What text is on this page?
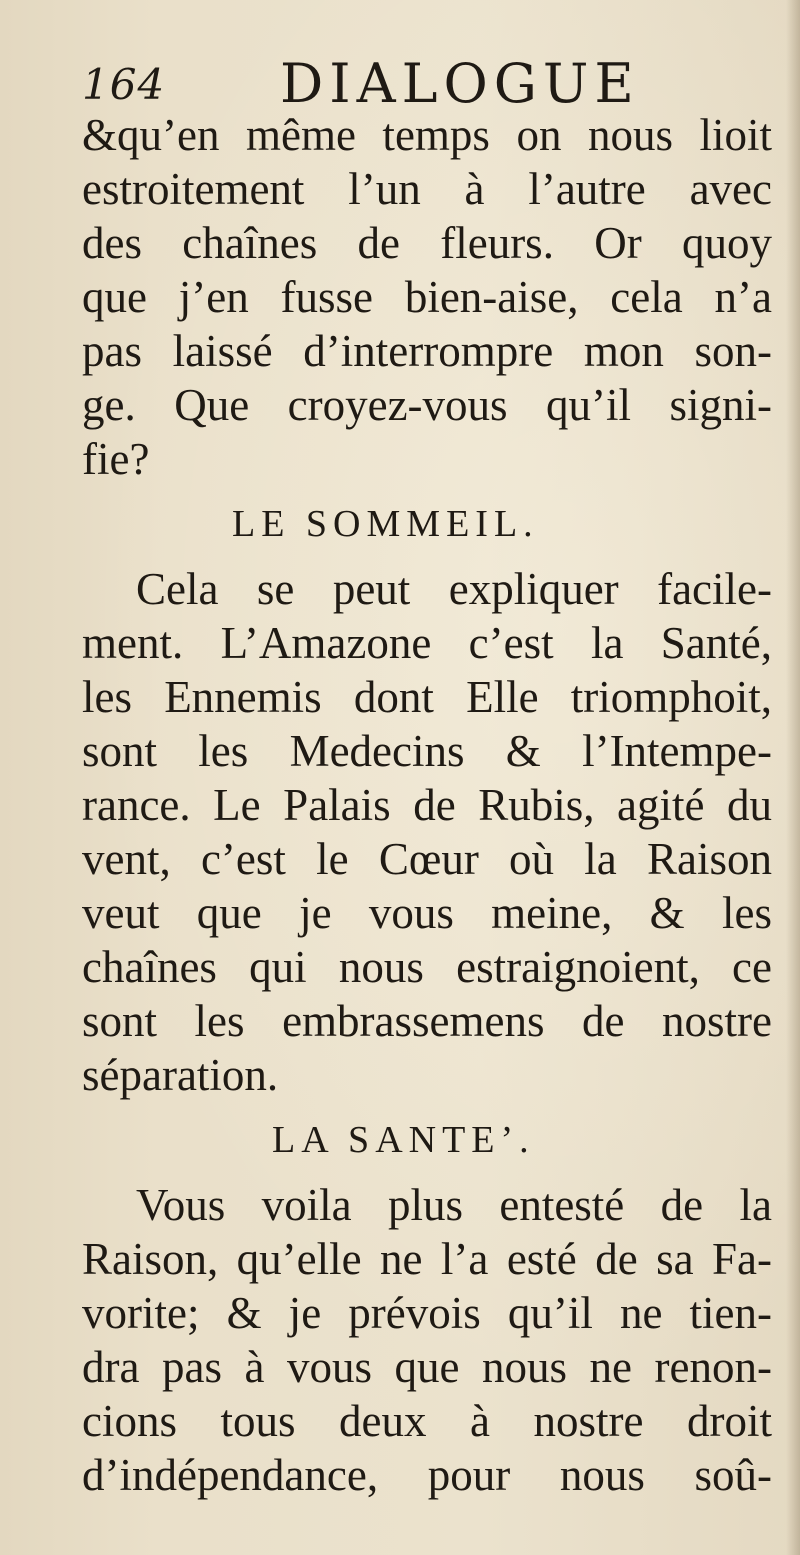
164 DIALOGUE
&qu’en même temps on nous lioit
estroitement l’un à l’autre avec
des chaînes de fleurs. Or quoy
que j’en fusse bien-aise, cela n’a
pas laissé d’interrompre mon son-
ge. Que croyez-vous qu’il signi-
fie?
LE SOMMEIL.
Cela se peut expliquer facile-
ment. L’Amazone c’est la Santé,
les Ennemis dont Elle triomphoit,
sont les Medecins & l’Intempe-
rance. Le Palais de Rubis, agité du
vent, c’est le Cœur où la Raison
veut que je vous meine, & les
chaînes qui nous estraignoient, ce
sont les embrassemens de nostre
séparation.
LA SANTE’.
Vous voila plus entesté de la
Raison, qu’elle ne l’a esté de sa Fa-
vorite; & je prévois qu’il ne tien-
dra pas à vous que nous ne renon-
cions tous deux à nostre droit
d’indépendance, pour nous soû-
